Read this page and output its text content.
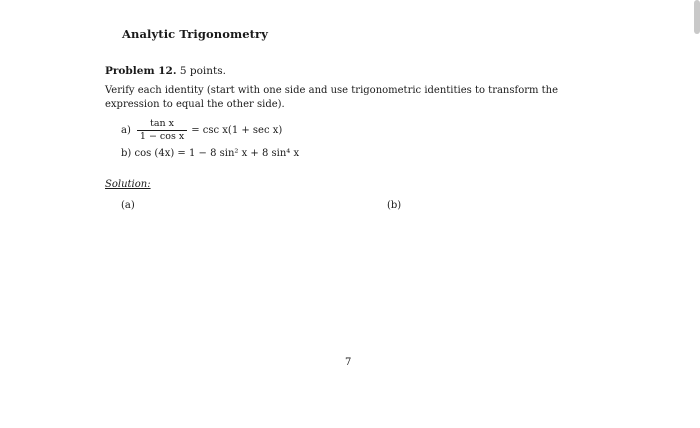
Analytic Trigonometry
Problem 12. 5 points.
Verify each identity (start with one side and use trigonometric identities to transform the expression to equal the other side).
$a) \frac{\text{tan x}}{\text{1 − cos x}} = \csc x(1 + \sec x)$
b) cos (4x) = 1 − 8 sin² x + 8 sin⁴ x
Solution:
(a)	(b)
7
